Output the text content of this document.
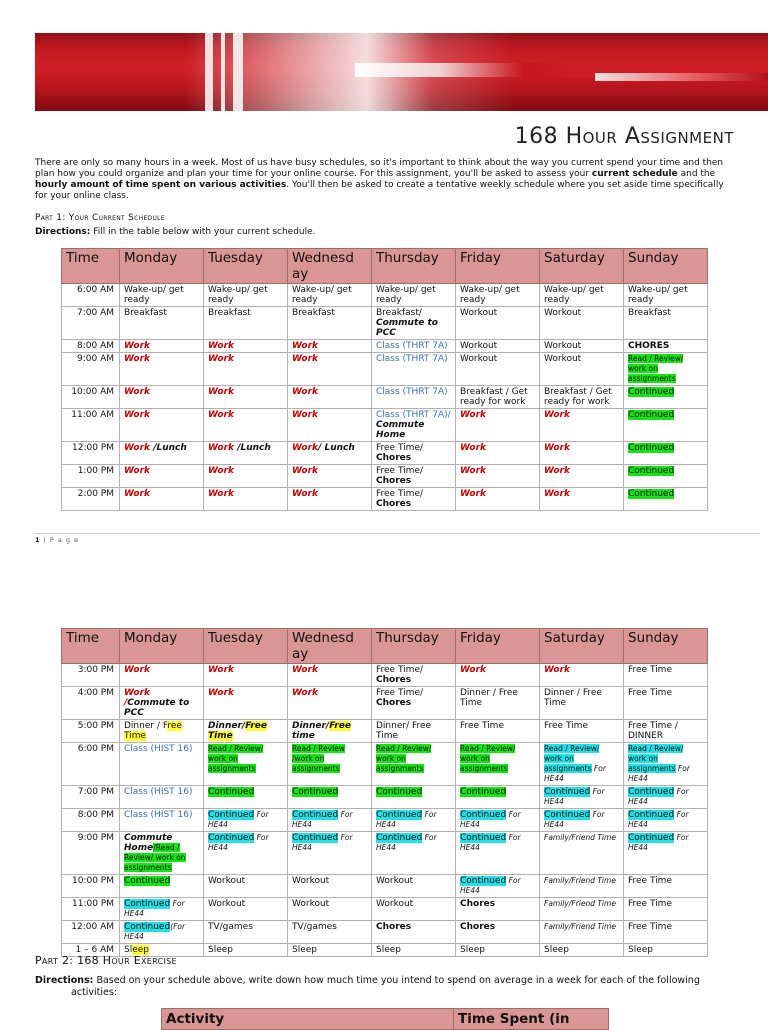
168 Hour Assignment
There are only so many hours in a week. Most of us have busy schedules, so it's important to think about the way you current spend your time and then plan how you could organize and plan your time for your online course. For this assignment, you'll be asked to assess your current schedule and the hourly amount of time spent on various activities. You'll then be asked to create a tentative weekly schedule where you set aside time specifically for your online class.
Part 1: Your Current Schedule
Directions: Fill in the table below with your current schedule.
Time	Monday	Tuesday	Wednesd ay	Thursday	Friday	Saturday	Sunday
6:00 AM	Wake-up/ get ready	Wake-up/ get ready	Wake-up/ get ready	Wake-up/ get ready	Wake-up/ get ready	Wake-up/ get ready	Wake-up/ get ready
7:00 AM	Breakfast	Breakfast	Breakfast	Breakfast/ Commute to PCC	Workout	Workout	Breakfast
8:00 AM	Work	Work	Work	Class (THRT 7A)	Workout	Workout	CHORES
9:00 AM	Work	Work	Work	Class (THRT 7A)	Workout	Workout	Read / Review/ work on assignments
10:00 AM	Work	Work	Work	Class (THRT 7A)	Breakfast / Get ready for work	Breakfast / Get ready for work	Continued
11:00 AM	Work	Work	Work	Class (THRT 7A)/ Commute Home	Work	Work	Continued
12:00 PM	Work /Lunch	Work /Lunch	Work/ Lunch	Free Time/ Chores	Work	Work	Continued
1:00 PM	Work	Work	Work	Free Time/ Chores	Work	Work	Continued
2:00 PM	Work	Work	Work	Free Time/ Chores	Work	Work	Continued
1 | P a g e
Time	Monday	Tuesday	Wednesd ay	Thursday	Friday	Saturday	Sunday
3:00 PM	Work	Work	Work	Free Time/ Chores	Work	Work	Free Time
4:00 PM	Work /Commute to PCC	Work	Work	Free Time/ Chores	Dinner / Free Time	Dinner / Free Time	Free Time
5:00 PM	Dinner / Free Time	Dinner/Free Time	Dinner/Free time	Dinner/ Free Time	Free Time	Free Time	Free Time / DINNER
6:00 PM	Class (HIST 16)	Read / Review/ work on assignments	Read / Review /work on assignments	Read / Review/ work on assignments	Read / Review/ work on assignments	Read / Review/ work on assignments For HE44	Read / Review/ work on assignments For HE44
7:00 PM	Class (HIST 16)	Continued	Continued	Continued	Continued	Continued For HE44	Continued For HE44
8:00 PM	Class (HIST 16)	Continued For HE44	Continued For HE44	Continued For HE44	Continued For HE44	Continued For HE44	Continued For HE44
9:00 PM	Commute Home/Read / Review/ work on assignments	Continued For HE44	Continued For HE44	Continued For HE44	Continued For HE44	Family/Friend Time	Continued For HE44
10:00 PM	Continued	Workout	Workout	Workout	Continued For HE44	Family/Friend Time	Free Time
11:00 PM	Continued For HE44	Workout	Workout	Workout	Chores	Family/Friend Time	Free Time
12:00 AM	Continued(For HE44	TV/games	TV/games	Chores	Chores	Family/Friend Time	Free Time
1 – 6 AM	Sleep	Sleep	Sleep	Sleep	Sleep	Sleep	Sleep
Part 2: 168 Hour Exercise
Directions: Based on your schedule above, write down how much time you intend to spend on average in a week for each of the following
activities:
Activity	Time Spent (in
